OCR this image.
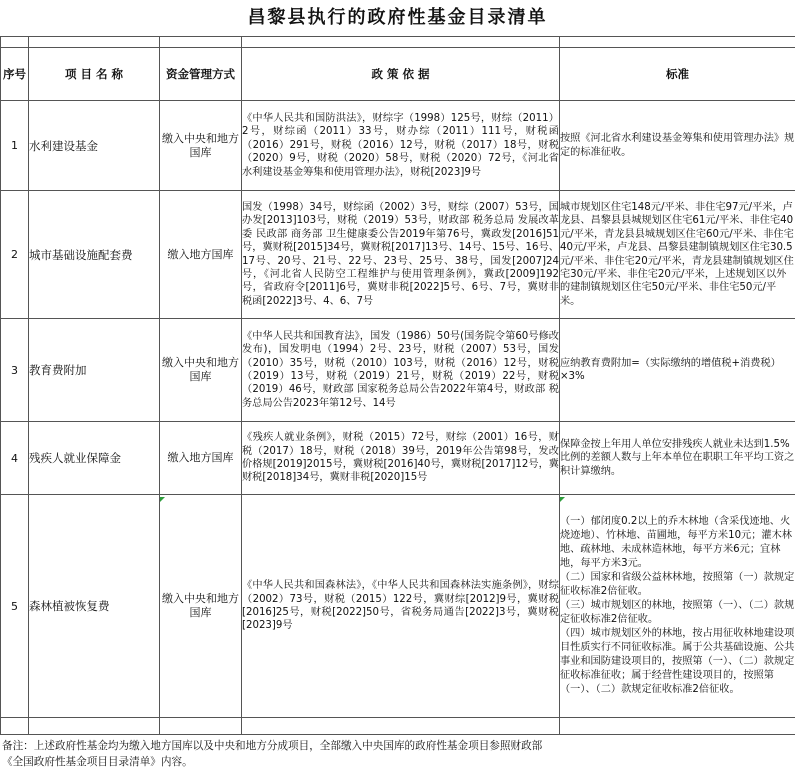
昌黎县执行的政府性基金目录清单

序号	项 目 名 称	资金管理方式	政 策 依 据	标准
1	水利建设基金	缴入中央和地方国库	《中华人民共和国防洪法》，财综字（1998）125号，财综（2011）2号，财综函（2011）33号，财办综（2011）111号，财税函（2016）291号，财税（2016）12号，财税（2017）18号，财税（2020）9号，财税（2020）58号，财税（2020）72号，《河北省水利建设基金筹集和使用管理办法》，财税[2023]9号	按照《河北省水利建设基金筹集和使用管理办法》规定的标准征收。
2	城市基础设施配套费	缴入地方国库	国发（1998）34号，财综函（2002）3号，财综（2007）53号，国办发[2013]103号，财税（2019）53号，财政部 税务总局 发展改革委 民政部 商务部 卫生健康委公告2019年第76号，冀政发[2016]51号，冀财税[2015]34号，冀财税[2017]13号、14号、15号、16号、17号、20号、21号、22号、23号、25号、38号，国发[2007]24号，《河北省人民防空工程维护与使用管理条例》，冀政[2009]192号，省政府令[2011]6号，冀财非税[2022]5号、6号、7号，冀财非税函[2022]3号、4、6、7号	城市规划区住宅148元/平米、非住宅97元/平米，卢龙县、昌黎县县城规划区住宅61元/平米、非住宅40元/平米，青龙县县城规划区住宅60元/平米、非住宅40元/平米，卢龙县、昌黎县建制镇规划区住宅30.5元/平米、非住宅20元/平米，青龙县建制镇规划区住宅30元/平米、非住宅20元/平米，上述规划区以外的建制镇规划区住宅50元/平米、非住宅50元/平米。
3	教育费附加	缴入中央和地方国库	《中华人民共和国教育法》，国发（1986）50号(国务院令第60号修改发布)，国发明电（1994）2号、23号，财税（2007）53号，国发（2010）35号，财税（2010）103号，财税（2016）12号，财税（2019）13号，财税（2019）21号，财税（2019）22号，财税（2019）46号，财政部 国家税务总局公告2022年第4号，财政部 税务总局公告2023年第12号、14号	应纳教育费附加=（实际缴纳的增值税+消费税）×3%
4	残疾人就业保障金	缴入地方国库	《残疾人就业条例》，财税（2015）72号，财综（2001）16号，财税（2017）18号，财税（2018）39号，2019年公告第98号，发改价格规[2019]2015号，冀财税[2016]40号，冀财税[2017]12号，冀财税[2018]34号，冀财非税[2020]15号	保障金按上年用人单位安排残疾人就业未达到1.5%比例的差额人数与上年本单位在职职工年平均工资之积计算缴纳。
5	森林植被恢复费	缴入中央和地方国库	《中华人民共和国森林法》，《中华人民共和国森林法实施条例》，财综（2002）73号，财税（2015）122号，冀财综[2012]9号，冀财税[2016]25号，财税[2022]50号，省税务局通告[2022]3号，冀财税[2023]9号	（一）郁闭度0.2以上的乔木林地（含采伐迹地、火烧迹地）、竹林地、苗圃地，每平方米10元；灌木林地、疏林地、未成林造林地，每平方米6元；宜林地，每平方米3元。

（二）国家和省级公益林林地，按照第（一）款规定征收标准2倍征收。

（三）城市规划区的林地，按照第（一）、（二）款规定征收标准2倍征收。

（四）城市规划区外的林地，按占用征收林地建设项目性质实行不同征收标准。属于公共基础设施、公共事业和国防建设项目的，按照第（一）、（二）款规定征收标准征收；属于经营性建设项目的，按照第（一）、（二）款规定征收标准2倍征收。

备注：上述政府性基金均为缴入地方国库以及中央和地方分成项目，全部缴入中央国库的政府性基金项目参照财政部《全国政府性基金项目目录清单》内容。
